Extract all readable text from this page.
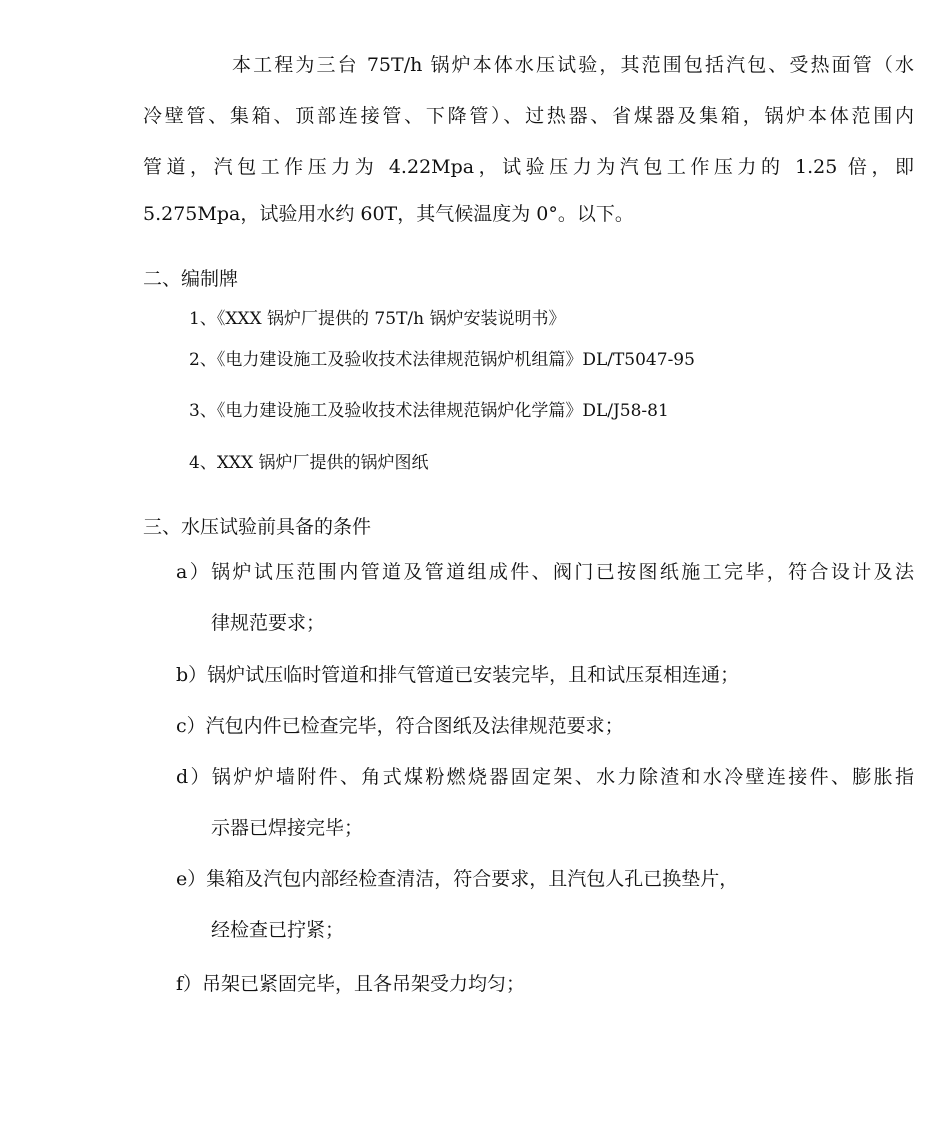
本工程为三台 75T/h 锅炉本体水压试验，其范围包括汽包、受热面管（水
冷壁管、集箱、顶部连接管、下降管）、过热器、省煤器及集箱，锅炉本体范围内
管道，汽包工作压力为 4.22Mpa，试验压力为汽包工作压力的 1.25 倍，即
5.275Mpa，试验用水约 60T，其气候温度为 0°。以下。
二、编制牌
1、《XXX 锅炉厂提供的 75T/h 锅炉安装说明书》
2、《电力建设施工及验收技术法律规范锅炉机组篇》DL/T5047-95
3、《电力建设施工及验收技术法律规范锅炉化学篇》DL/J58-81
4、XXX 锅炉厂提供的锅炉图纸
三、水压试验前具备的条件
a）锅炉试压范围内管道及管道组成件、阀门已按图纸施工完毕，符合设计及法
律规范要求；
b）锅炉试压临时管道和排气管道已安装完毕，且和试压泵相连通；
c）汽包内件已检查完毕，符合图纸及法律规范要求；
d）锅炉炉墙附件、角式煤粉燃烧器固定架、水力除渣和水冷壁连接件、膨胀指
示器已焊接完毕；
e）集箱及汽包内部经检查清洁，符合要求，且汽包人孔已换垫片，
经检查已拧紧；
f）吊架已紧固完毕，且各吊架受力均匀；
